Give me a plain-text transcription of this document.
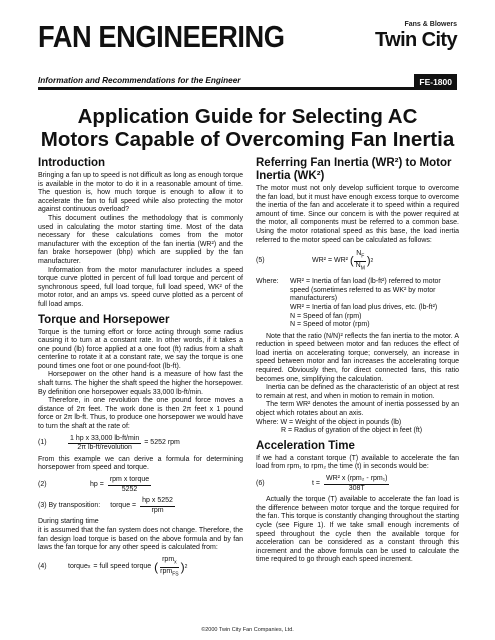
FAN ENGINEERING	Fans & Blowers
Twin City
Information and Recommendations for the Engineer	FE-1800
Application Guide for Selecting AC
Motors Capable of Overcoming Fan Inertia
Introduction

Bringing a fan up to speed is not difficult as long as enough torque is available in the motor to do it in a reasonable amount of time. The question is, how much torque is enough to allow it to accelerate the fan to full speed while also protecting the motor against continuous overload?

This document outlines the methodology that is commonly used in calculating the motor starting time. Most of the data necessary for these calculations comes from the motor manufacturer with the exception of the fan inertia (WR²) and the fan brake horsepower (bhp) which are supplied by the fan manufacturer.

Information from the motor manufacturer includes a speed torque curve plotted in percent of full load torque and percent of synchronous speed, full load torque, full load speed, WK² of the motor rotor, and an amps vs. speed curve plotted as a percent of full load amps.

Torque and Horsepower

Torque is the turning effort or force acting through some radius causing it to turn at a constant rate. In other words, if it takes a one pound (lb) force applied at a one foot (ft) radius from a shaft centerline to rotate it at a constant rate, we say the torque is one pound times one foot or one pound-foot (lb-ft).

Horsepower on the other hand is a measure of how fast the shaft turns. The higher the shaft speed the higher the horsepower. By definition one horsepower equals 33,000 lb-ft/min.

Therefore, in one revolution the one pound force moves a distance of 2π feet. The work done is then 2π feet x 1 pound force or 2π lb-ft. Thus, to produce one horsepower we would have to turn the shaft at the rate of:

(1)	$\frac{\text{1 hp x 33,000 lb-ft/min}}{\text{2π lb-ft/revolution}} = 5252$ rpm

From this example we can derive a formula for determining horsepower from speed and torque.

(2)	hp = $\frac{\text{rpm x torque}}{5252}$
(3) By transposition: torque = $\frac{\text{hp x 5252}}{\text{rpm}}$

During starting time

it is assumed that the fan system does not change. Therefore, the fan design load torque is based on the above formula and by fan laws the fan torque for any other speed is calculated from:

(4)	torque x = full speed torque ( $\frac{rpm_x}{rpm_{FS}}$ ) 2
Referring Fan Inertia (WR²) to Motor Inertia (WK²)

The motor must not only develop sufficient torque to overcome the fan load, but it must have enough excess torque to overcome the inertia of the fan and accelerate it to speed within a required amount of time. Since our concern is with the power required at the motor, all components must be referred to a common base. Using the motor rotational speed as this base, the load inertia referred to the motor speed can be calculated as follows:

(5)	WR² = WR² ( $\frac{N_F}{N_M}$ ) 2
Where:	WR² = Inertia of fan load (lb-ft²) referred to motor speed (sometimes referred to as WK² by motor manufacturers)
WR² = Inertia of fan load plus drives, etc. (lb-ft²)
N = Speed of fan (rpm)
N = Speed of motor (rpm)

Note that the ratio (N/N)² reflects the fan inertia to the motor. A reduction in speed between motor and fan reduces the effect of load inertia on accelerating torque; conversely, an increase in speed between motor and fan increases the accelerating torque required. Obviously then, for direct connected fans, this ratio becomes one, simplifying the calculation.

Inertia can be defined as the characteristic of an object at rest to remain at rest, and when in motion to remain in motion.

The term WR² denotes the amount of inertia possessed by an object which rotates about an axis.

Where: W = Weight of the object in pounds (lb)
R = Radius of gyration of the object in feet (ft)
Acceleration Time

If we had a constant torque (T) available to accelerate the fan load from rpm₁ to rpm₂ the time (t) in seconds would be:

(6)	$t = \frac{\text{WR² x (rpm₂ - rpm₁)}}{308T}$

Actually the torque (T) available to accelerate the fan load is the difference between motor torque and the torque required for the fan. This torque is constantly changing throughout the starting cycle (see Figure 1). If we take small enough increments of speed throughout the cycle then the available torque for acceleration can be considered as a constant through this increment and the above formula can be used to calculate the time required to go through each speed increment.

©2000 Twin City Fan Companies, Ltd.
